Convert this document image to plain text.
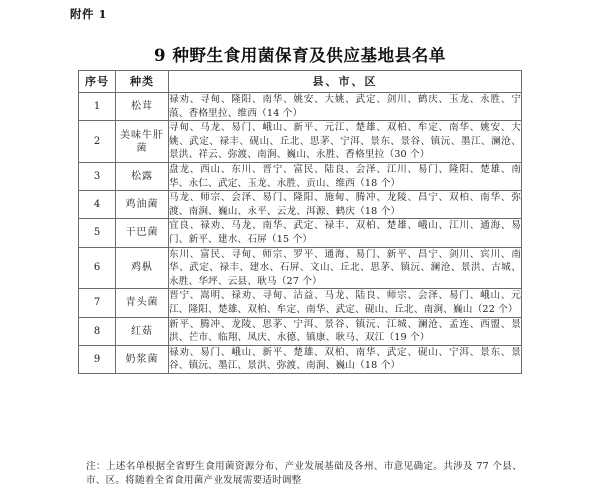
附件 1
9 种野生食用菌保育及供应基地县名单
序号	种类	县、市、区
1	松茸	禄劝、寻甸、隆阳、南华、姚安、大姚、武定、剑川、鹤庆、玉龙、永胜、宁蒗、香格里拉、维西（14 个）
2	美味牛肝菌	寻甸、马龙、易门、峨山、新平、元江、楚雄、双柏、牟定、南华、姚安、大姚、武定、禄丰、砚山、丘北、思茅、宁洱、景东、景谷、镇沅、墨江、澜沧、景洪、祥云、弥渡、南涧、巍山、永胜、香格里拉（30 个）
3	松露	盘龙、西山、东川、晋宁、富民、陆良、会泽、江川、易门、隆阳、楚雄、南华、永仁、武定、玉龙、永胜、贡山、维西（18 个）
4	鸡油菌	马龙、师宗、会泽、易门、隆阳、施甸、腾冲、龙陵、昌宁、双柏、南华、弥渡、南涧、巍山、永平、云龙、洱源、鹤庆（18 个）
5	干巴菌	宜良、禄劝、马龙、南华、武定、禄丰、双柏、楚雄、峨山、江川、通海、易门、新平、建水、石屏（15 个）
6	鸡枞	东川、富民、寻甸、师宗、罗平、通海、易门、新平、昌宁、剑川、宾川、南华、武定、禄丰、建水、石屏、文山、丘北、思茅、镇沅、澜沧、景洪、古城、永胜、华坪、云县、耿马（27 个）
7	青头菌	晋宁、嵩明、禄劝、寻甸、沾益、马龙、陆良、师宗、会泽、易门、峨山、元江、隆阳、楚雄、双柏、牟定、南华、武定、砚山、丘北、南涧、巍山（22 个）
8	红菇	新平、腾冲、龙陵、思茅、宁洱、景谷、镇沅、江城、澜沧、孟连、西盟、景洪、芒市、临翔、凤庆、永德、镇康、耿马、双江（19 个）
9	奶浆菌	禄劝、易门、峨山、新平、楚雄、双柏、南华、武定、砚山、宁洱、景东、景谷、镇沅、墨江、景洪、弥渡、南涧、巍山（18 个）
注：上述名单根据全省野生食用菌资源分布、产业发展基础及各州、市意见确定。共涉及 77 个县、市、区。将随着全省食用菌产业发展需要适时调整
